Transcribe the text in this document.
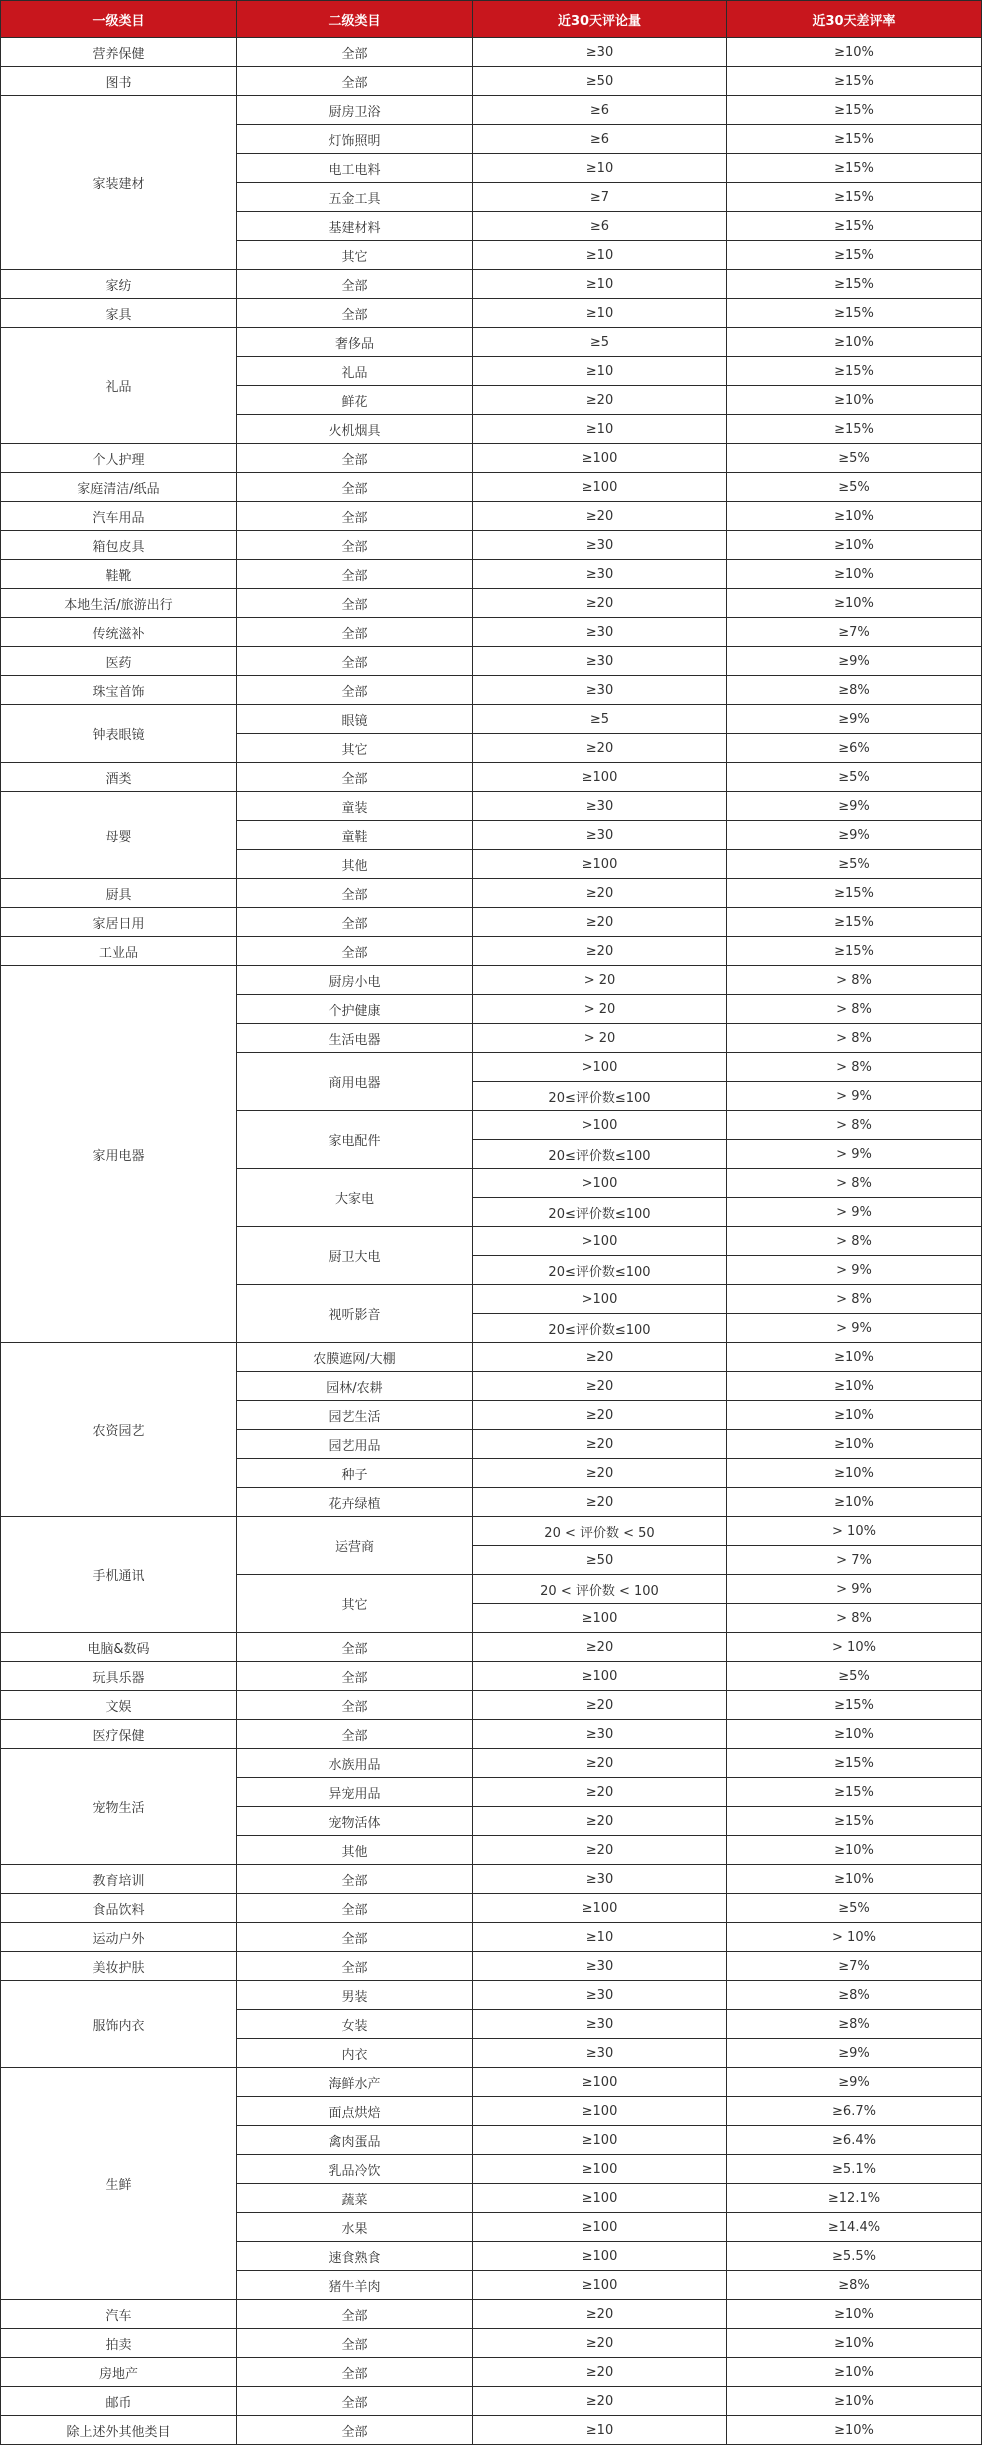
一级类目	二级类目	近30天评论量	近30天差评率
营养保健	全部	≥30	≥10%
图书	全部	≥50	≥15%
家装建材	厨房卫浴	≥6	≥15%
	灯饰照明	≥6	≥15%
	电工电料	≥10	≥15%
	五金工具	≥7	≥15%
	基建材料	≥6	≥15%
	其它	≥10	≥15%
家纺	全部	≥10	≥15%
家具	全部	≥10	≥15%
礼品	奢侈品	≥5	≥10%
	礼品	≥10	≥15%
	鲜花	≥20	≥10%
	火机烟具	≥10	≥15%
个人护理	全部	≥100	≥5%
家庭清洁/纸品	全部	≥100	≥5%
汽车用品	全部	≥20	≥10%
箱包皮具	全部	≥30	≥10%
鞋靴	全部	≥30	≥10%
本地生活/旅游出行	全部	≥20	≥10%
传统滋补	全部	≥30	≥7%
医药	全部	≥30	≥9%
珠宝首饰	全部	≥30	≥8%
钟表眼镜	眼镜	≥5	≥9%
	其它	≥20	≥6%
酒类	全部	≥100	≥5%
母婴	童装	≥30	≥9%
	童鞋	≥30	≥9%
	其他	≥100	≥5%
厨具	全部	≥20	≥15%
家居日用	全部	≥20	≥15%
工业品	全部	≥20	≥15%
家用电器	厨房小电	> 20	> 8%
	个护健康	> 20	> 8%
	生活电器	> 20	> 8%
	商用电器	>100	> 8%
		20≤评价数≤100	> 9%
	家电配件	>100	> 8%
		20≤评价数≤100	> 9%
	大家电	>100	> 8%
		20≤评价数≤100	> 9%
	厨卫大电	>100	> 8%
		20≤评价数≤100	> 9%
	视听影音	>100	> 8%
		20≤评价数≤100	> 9%
农资园艺	农膜遮网/大棚	≥20	≥10%
	园林/农耕	≥20	≥10%
	园艺生活	≥20	≥10%
	园艺用品	≥20	≥10%
	种子	≥20	≥10%
	花卉绿植	≥20	≥10%
手机通讯	运营商	20 < 评价数 < 50	> 10%
		≥50	> 7%
	其它	20 < 评价数 < 100	> 9%
		≥100	> 8%
电脑&数码	全部	≥20	> 10%
玩具乐器	全部	≥100	≥5%
文娱	全部	≥20	≥15%
医疗保健	全部	≥30	≥10%
宠物生活	水族用品	≥20	≥15%
	异宠用品	≥20	≥15%
	宠物活体	≥20	≥15%
	其他	≥20	≥10%
教育培训	全部	≥30	≥10%
食品饮料	全部	≥100	≥5%
运动户外	全部	≥10	> 10%
美妆护肤	全部	≥30	≥7%
服饰内衣	男装	≥30	≥8%
	女装	≥30	≥8%
	内衣	≥30	≥9%
生鲜	海鲜水产	≥100	≥9%
	面点烘焙	≥100	≥6.7%
	禽肉蛋品	≥100	≥6.4%
	乳品冷饮	≥100	≥5.1%
	蔬菜	≥100	≥12.1%
	水果	≥100	≥14.4%
	速食熟食	≥100	≥5.5%
	猪牛羊肉	≥100	≥8%
汽车	全部	≥20	≥10%
拍卖	全部	≥20	≥10%
房地产	全部	≥20	≥10%
邮币	全部	≥20	≥10%
除上述外其他类目	全部	≥10	≥10%
